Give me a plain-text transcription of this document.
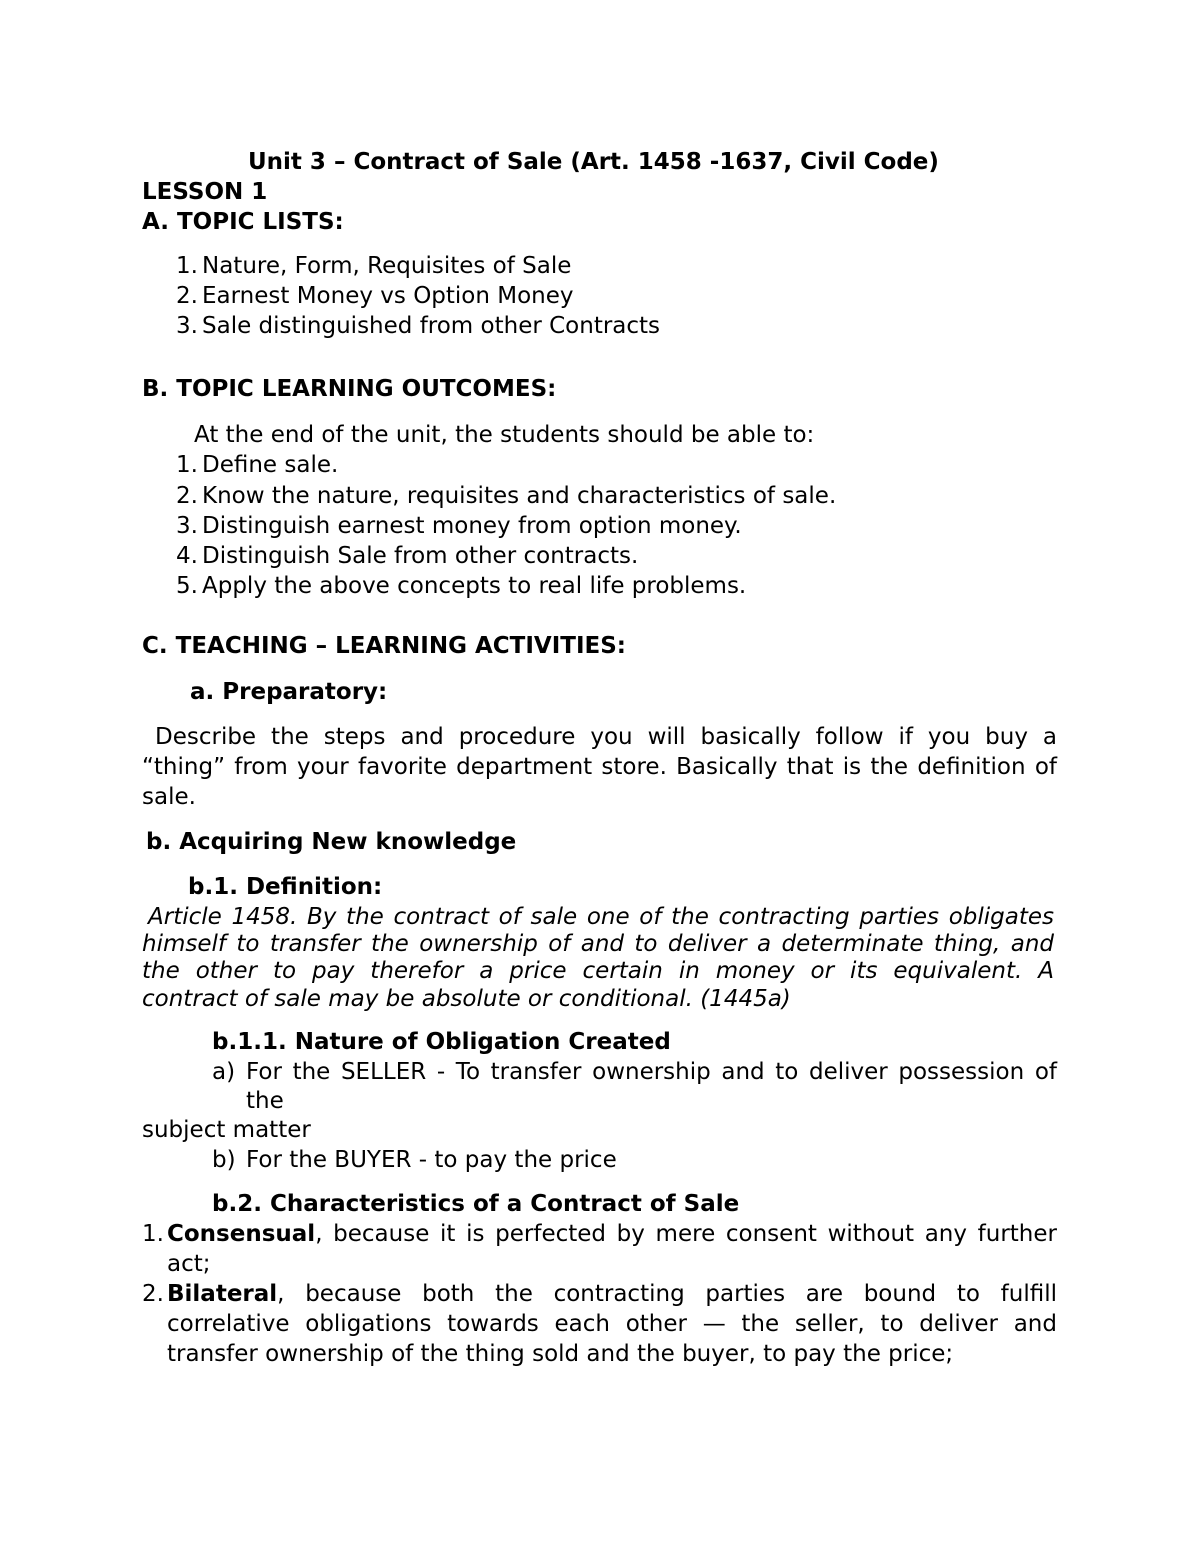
Unit 3 – Contract of Sale (Art. 1458 -1637, Civil Code)
LESSON 1
A. TOPIC LISTS:
1. Nature, Form, Requisites of Sale
2. Earnest Money vs Option Money
3. Sale distinguished from other Contracts
B. TOPIC LEARNING OUTCOMES:
At the end of the unit, the students should be able to:
1. Define sale.
2. Know the nature, requisites and characteristics of sale.
3. Distinguish earnest money from option money.
4. Distinguish Sale from other contracts.
5. Apply the above concepts to real life problems.
C. TEACHING – LEARNING ACTIVITIES:
a. Preparatory:
Describe the steps and procedure you will basically follow if you buy a
“thing” from your favorite department store. Basically that is the definition of
sale.
b. Acquiring New knowledge
b.1. Definition:
Article 1458. By the contract of sale one of the contracting parties obligates
himself to transfer the ownership of and to deliver a determinate thing, and
the other to pay therefor a price certain in money or its equivalent. A
contract of sale may be absolute or conditional. (1445a)
b.1.1. Nature of Obligation Created
a) For the SELLER - To transfer ownership and to deliver possession of
the
subject matter
b) For the BUYER - to pay the price
b.2. Characteristics of a Contract of Sale
1. Consensual , because it is perfected by mere consent without any further
act;
2. Bilateral , because both the contracting parties are bound to fulfill
correlative obligations towards each other — the seller, to deliver and
transfer ownership of the thing sold and the buyer, to pay the price;
